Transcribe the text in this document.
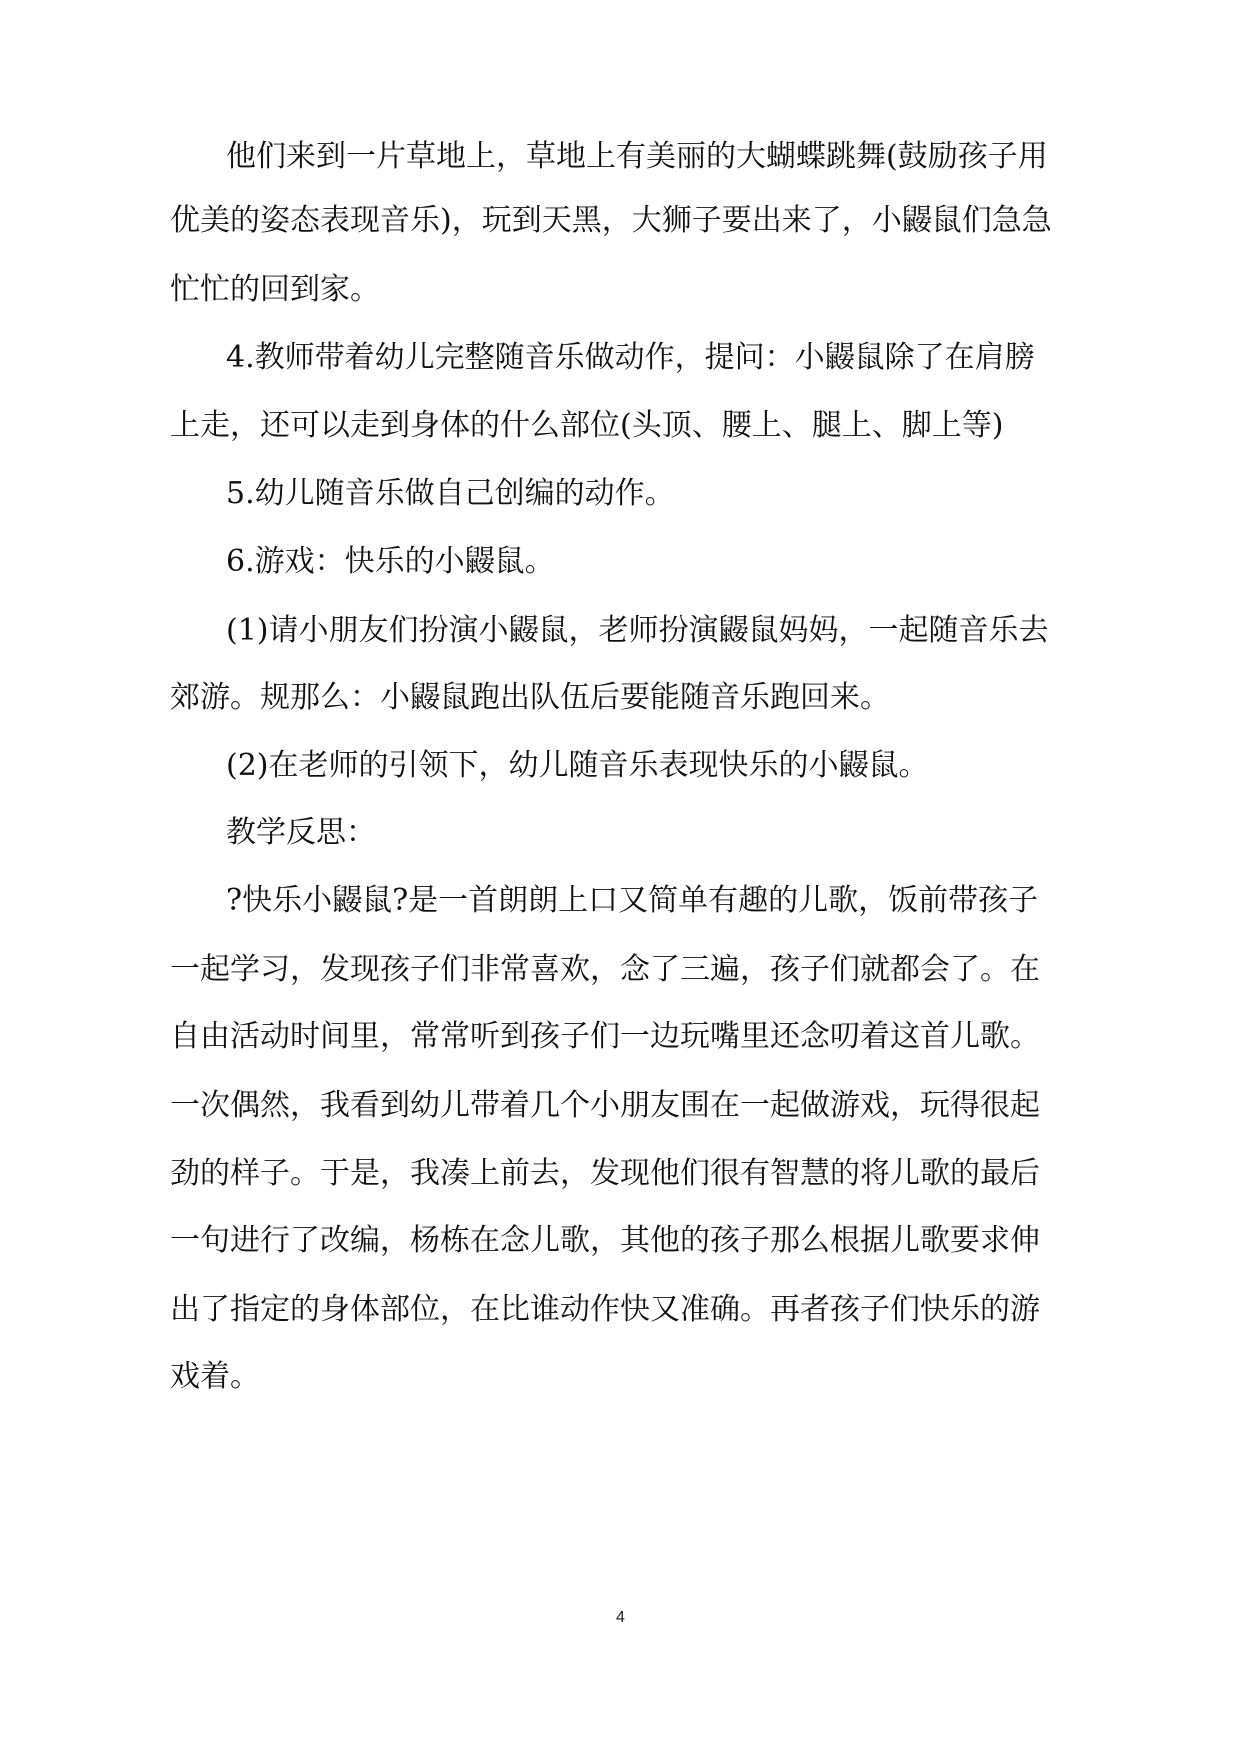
他们来到一片草地上，草地上有美丽的大蝴蝶跳舞(鼓励孩子用
优美的姿态表现音乐)，玩到天黑，大狮子要出来了，小鼹鼠们急急
忙忙的回到家。
4.教师带着幼儿完整随音乐做动作，提问：小鼹鼠除了在肩膀
上走，还可以走到身体的什么部位(头顶、腰上、腿上、脚上等)
5.幼儿随音乐做自己创编的动作。
6.游戏：快乐的小鼹鼠。
(1)请小朋友们扮演小鼹鼠，老师扮演鼹鼠妈妈，一起随音乐去
郊游。规那么：小鼹鼠跑出队伍后要能随音乐跑回来。
(2)在老师的引领下，幼儿随音乐表现快乐的小鼹鼠。
教学反思：
?快乐小鼹鼠?是一首朗朗上口又简单有趣的儿歌，饭前带孩子
一起学习，发现孩子们非常喜欢，念了三遍，孩子们就都会了。在
自由活动时间里，常常听到孩子们一边玩嘴里还念叨着这首儿歌。
一次偶然，我看到幼儿带着几个小朋友围在一起做游戏，玩得很起
劲的样子。于是，我凑上前去，发现他们很有智慧的将儿歌的最后
一句进行了改编，杨栋在念儿歌，其他的孩子那么根据儿歌要求伸
出了指定的身体部位，在比谁动作快又准确。再者孩子们快乐的游
戏着。
4
